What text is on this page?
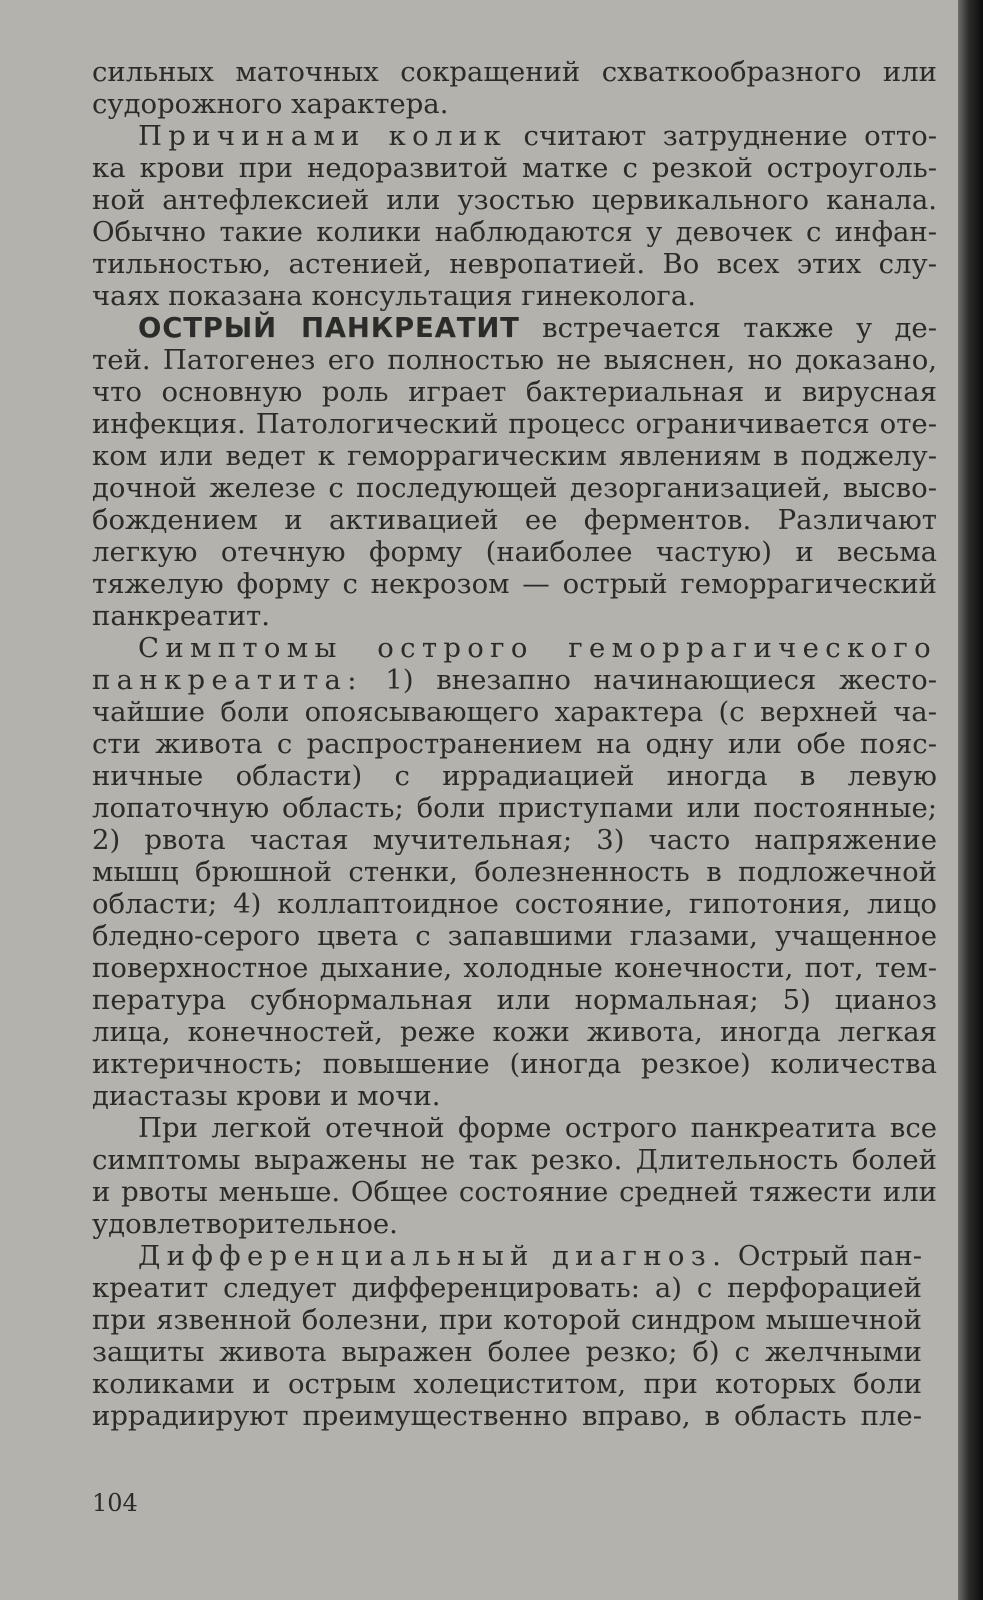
сильных маточных сокращений схваткообразного или
судорожного характера.
Причинами колик считают затруднение отто-
ка крови при недоразвитой матке с резкой остроуголь-
ной антефлексией или узостью цервикального канала.
Обычно такие колики наблюдаются у девочек с инфан-
тильностью, астенией, невропатией. Во всех этих слу-
чаях показана консультация гинеколога.
ОСТРЫЙ ПАНКРЕАТИТ встречается также у де-
тей. Патогенез его полностью не выяснен, но доказано,
что основную роль играет бактериальная и вирусная
инфекция. Патологический процесс ограничивается оте-
ком или ведет к геморрагическим явлениям в поджелу-
дочной железе с последующей дезорганизацией, высво-
бождением и активацией ее ферментов. Различают
легкую отечную форму (наиболее частую) и весьма
тяжелую форму с некрозом — острый геморрагический
панкреатит.
Симптомы острого геморрагического
панкреатита: 1) внезапно начинающиеся жесто-
чайшие боли опоясывающего характера (с верхней ча-
сти живота с распространением на одну или обе пояс-
ничные области) с иррадиацией иногда в левую
лопаточную область; боли приступами или постоянные;
2) рвота частая мучительная; 3) часто напряжение
мышц брюшной стенки, болезненность в подложечной
области; 4) коллаптоидное состояние, гипотония, лицо
бледно-серого цвета с запавшими глазами, учащенное
поверхностное дыхание, холодные конечности, пот, тем-
пература субнормальная или нормальная; 5) цианоз
лица, конечностей, реже кожи живота, иногда легкая
иктеричность; повышение (иногда резкое) количества
диастазы крови и мочи.
При легкой отечной форме острого панкреатита все
симптомы выражены не так резко. Длительность болей
и рвоты меньше. Общее состояние средней тяжести или
удовлетворительное.
Дифференциальный диагноз. Острый пан-
креатит следует дифференцировать: а) с перфорацией
при язвенной болезни, при которой синдром мышечной
защиты живота выражен более резко; б) с желчными
коликами и острым холециститом, при которых боли
иррадиируют преимущественно вправо, в область пле-
104
